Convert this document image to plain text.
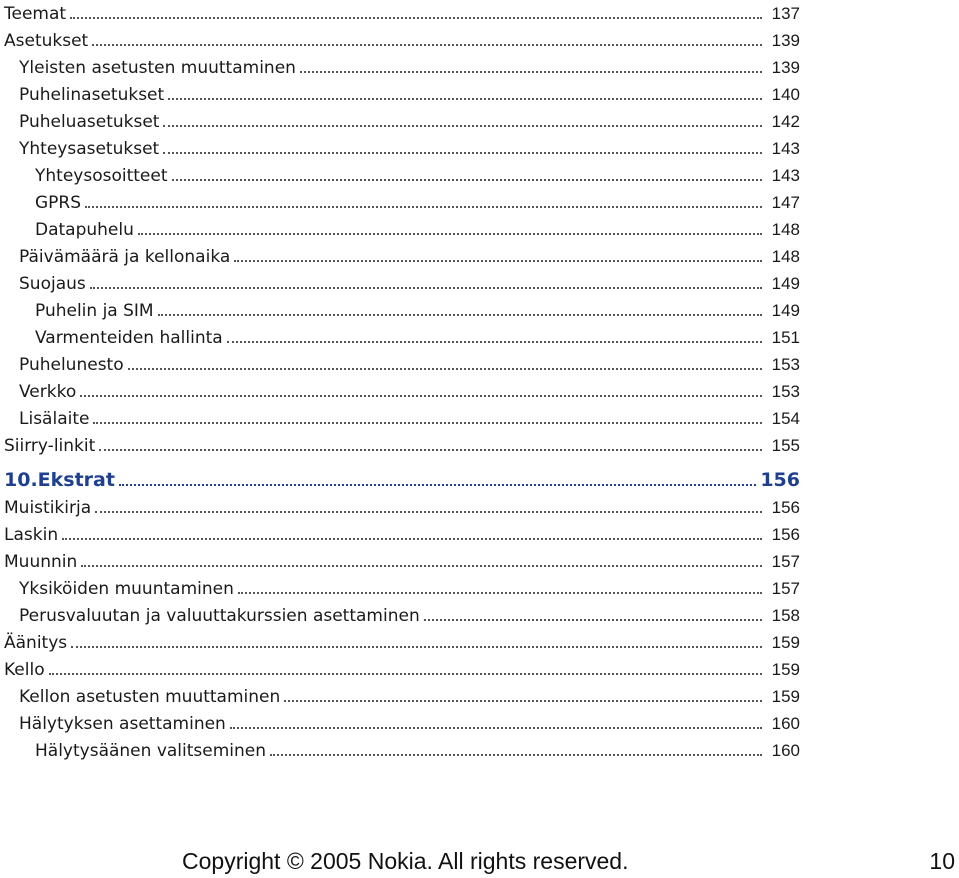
Teemat	137
Asetukset	139
Yleisten asetusten muuttaminen	139
Puhelinasetukset	140
Puheluasetukset	142
Yhteysasetukset	143
Yhteysosoitteet	143
GPRS	147
Datapuhelu	148
Päivämäärä ja kellonaika	148
Suojaus	149
Puhelin ja SIM	149
Varmenteiden hallinta	151
Puhelunesto	153
Verkko	153
Lisälaite	154
Siirry-linkit	155
10.Ekstrat	156
Muistikirja	156
Laskin	156
Muunnin	157
Yksiköiden muuntaminen	157
Perusvaluutan ja valuuttakurssien asettaminen	158
Äänitys	159
Kello	159
Kellon asetusten muuttaminen	159
Hälytyksen asettaminen	160
Hälytysäänen valitseminen	160
Copyright © 2005 Nokia. All rights reserved.	10
